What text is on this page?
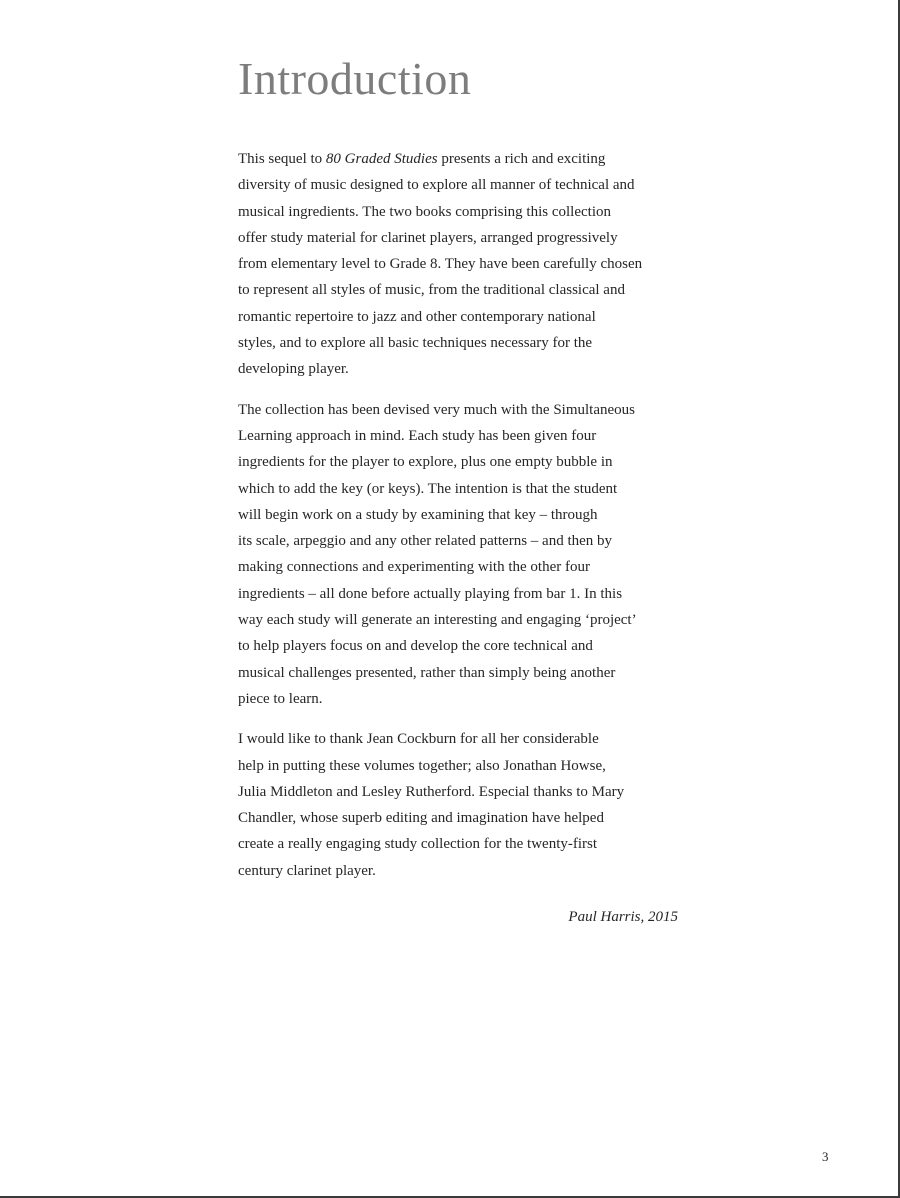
Introduction

This sequel to 80 Graded Studies presents a rich and exciting
diversity of music designed to explore all manner of technical and
musical ingredients. The two books comprising this collection
offer study material for clarinet players, arranged progressively
from elementary level to Grade 8. They have been carefully chosen
to represent all styles of music, from the traditional classical and
romantic repertoire to jazz and other contemporary national
styles, and to explore all basic techniques necessary for the
developing player.

The collection has been devised very much with the Simultaneous
Learning approach in mind. Each study has been given four
ingredients for the player to explore, plus one empty bubble in
which to add the key (or keys). The intention is that the student
will begin work on a study by examining that key – through
its scale, arpeggio and any other related patterns – and then by
making connections and experimenting with the other four
ingredients – all done before actually playing from bar 1. In this
way each study will generate an interesting and engaging ‘project’
to help players focus on and develop the core technical and
musical challenges presented, rather than simply being another
piece to learn.

I would like to thank Jean Cockburn for all her considerable
help in putting these volumes together; also Jonathan Howse,
Julia Middleton and Lesley Rutherford. Especial thanks to Mary
Chandler, whose superb editing and imagination have helped
create a really engaging study collection for the twenty-first
century clarinet player.

Paul Harris, 2015
3
